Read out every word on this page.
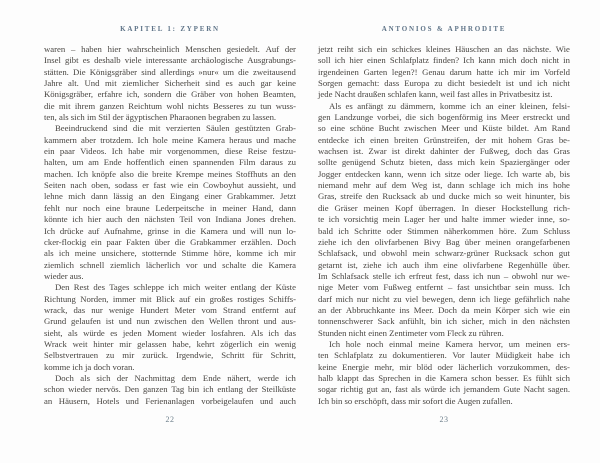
KAPITEL 1: ZYPERN
waren – haben hier wahrscheinlich Menschen gesiedelt. Auf der
Insel gibt es deshalb viele interessante archäologische Ausgrabungs-
stätten. Die Königsgräber sind allerdings »nur« um die zweitausend
Jahre alt. Und mit ziemlicher Sicherheit sind es auch gar keine
Königsgräber, erfahre ich, sondern die Gräber von hohen Beamten,
die mit ihrem ganzen Reichtum wohl nichts Besseres zu tun wuss-
ten, als sich im Stil der ägyptischen Pharaonen begraben zu lassen.
Beeindruckend sind die mit verzierten Säulen gestützten Grab-
kammern aber trotzdem. Ich hole meine Kamera heraus und mache
ein paar Videos. Ich habe mir vorgenommen, diese Reise festzu-
halten, um am Ende hoffentlich einen spannenden Film daraus zu
machen. Ich knöpfe also die breite Krempe meines Stoffhuts an den
Seiten nach oben, sodass er fast wie ein Cowboyhut aussieht, und
lehne mich dann lässig an den Eingang einer Grabkammer. Jetzt
fehlt nur noch eine braune Lederpeitsche in meiner Hand, dann
könnte ich hier auch den nächsten Teil von Indiana Jones drehen.
Ich drücke auf Aufnahme, grinse in die Kamera und will nun lo-
cker-flockig ein paar Fakten über die Grabkammer erzählen. Doch
als ich meine unsichere, stotternde Stimme höre, komme ich mir
ziemlich schnell ziemlich lächerlich vor und schalte die Kamera
wieder aus.
Den Rest des Tages schleppe ich mich weiter entlang der Küste
Richtung Norden, immer mit Blick auf ein großes rostiges Schiffs-
wrack, das nur wenige Hundert Meter vom Strand entfernt auf
Grund gelaufen ist und nun zwischen den Wellen thront und aus-
sieht, als würde es jeden Moment wieder losfahren. Als ich das
Wrack weit hinter mir gelassen habe, kehrt zögerlich ein wenig
Selbstvertrauen zu mir zurück. Irgendwie, Schritt für Schritt,
komme ich ja doch voran.
Doch als sich der Nachmittag dem Ende nähert, werde ich
schon wieder nervös. Den ganzen Tag bin ich entlang der Steilküste
an Häusern, Hotels und Ferienanlagen vorbeigelaufen und auch
22
ANTONIOS & APHRODITE
jetzt reiht sich ein schickes kleines Häuschen an das nächste. Wie
soll ich hier einen Schlafplatz finden? Ich kann mich doch nicht in
irgendeinen Garten legen?! Genau darum hatte ich mir im Vorfeld
Sorgen gemacht: dass Europa zu dicht besiedelt ist und ich nicht
jede Nacht draußen schlafen kann, weil fast alles in Privatbesitz ist.
Als es anfängt zu dämmern, komme ich an einer kleinen, felsi-
gen Landzunge vorbei, die sich bogenförmig ins Meer erstreckt und
so eine schöne Bucht zwischen Meer und Küste bildet. Am Rand
entdecke ich einen breiten Grünstreifen, der mit hohem Gras be-
wachsen ist. Zwar ist direkt dahinter der Fußweg, doch das Gras
sollte genügend Schutz bieten, dass mich kein Spaziergänger oder
Jogger entdecken kann, wenn ich sitze oder liege. Ich warte ab, bis
niemand mehr auf dem Weg ist, dann schlage ich mich ins hohe
Gras, streife den Rucksack ab und ducke mich so weit hinunter, bis
die Gräser meinen Kopf überragen. In dieser Hockstellung rich-
te ich vorsichtig mein Lager her und halte immer wieder inne, so-
bald ich Schritte oder Stimmen näherkommen höre. Zum Schluss
ziehe ich den olivfarbenen Bivy Bag über meinen orangefarbenen
Schlafsack, und obwohl mein schwarz-grüner Rucksack schon gut
getarnt ist, ziehe ich auch ihm eine olivfarbene Regenhülle über.
Im Schlafsack stelle ich erfreut fest, dass ich nun – obwohl nur we-
nige Meter vom Fußweg entfernt – fast unsichtbar sein muss. Ich
darf mich nur nicht zu viel bewegen, denn ich liege gefährlich nahe
an der Abbruchkante ins Meer. Doch da mein Körper sich wie ein
tonnenschwerer Sack anfühlt, bin ich sicher, mich in den nächsten
Stunden nicht einen Zentimeter vom Fleck zu rühren.
Ich hole noch einmal meine Kamera hervor, um meinen ers-
ten Schlafplatz zu dokumentieren. Vor lauter Müdigkeit habe ich
keine Energie mehr, mir blöd oder lächerlich vorzukommen, des-
halb klappt das Sprechen in die Kamera schon besser. Es fühlt sich
sogar richtig gut an, fast als würde ich jemandem Gute Nacht sagen.
Ich bin so erschöpft, dass mir sofort die Augen zufallen.
23
